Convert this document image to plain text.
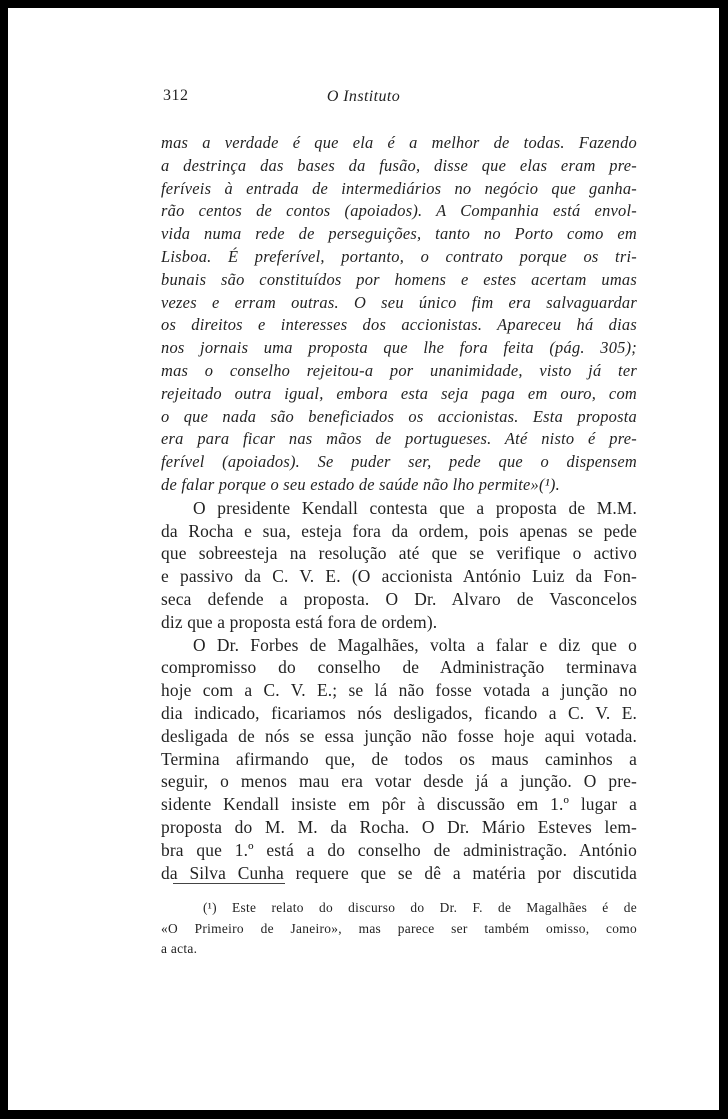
312	O Instituto
mas a verdade é que ela é a melhor de todas. Fazendo
a destrinça das bases da fusão, disse que elas eram pre-
feríveis à entrada de intermediários no negócio que ganha-
rão centos de contos (apoiados). A Companhia está envol-
vida numa rede de perseguições, tanto no Porto como em
Lisboa. É preferível, portanto, o contrato porque os tri-
bunais são constituídos por homens e estes acertam umas
vezes e erram outras. O seu único fim era salvaguardar
os direitos e interesses dos accionistas. Apareceu há dias
nos jornais uma proposta que lhe fora feita (pág. 305);
mas o conselho rejeitou-a por unanimidade, visto já ter
rejeitado outra igual, embora esta seja paga em ouro, com
o que nada são beneficiados os accionistas. Esta proposta
era para ficar nas mãos de portugueses. Até nisto é pre-
ferível (apoiados). Se puder ser, pede que o dispensem
de falar porque o seu estado de saúde não lho permite»(¹).
O presidente Kendall contesta que a proposta de M.M.
da Rocha e sua, esteja fora da ordem, pois apenas se pede
que sobreesteja na resolução até que se verifique o activo
e passivo da C. V. E. (O accionista António Luiz da Fon-
seca defende a proposta. O Dr. Alvaro de Vasconcelos
diz que a proposta está fora de ordem).
O Dr. Forbes de Magalhães, volta a falar e diz que o
compromisso do conselho de Administração terminava
hoje com a C. V. E.; se lá não fosse votada a junção no
dia indicado, ficariamos nós desligados, ficando a C. V. E.
desligada de nós se essa junção não fosse hoje aqui votada.
Termina afirmando que, de todos os maus caminhos a
seguir, o menos mau era votar desde já a junção. O pre-
sidente Kendall insiste em pôr à discussão em 1.º lugar a
proposta do M. M. da Rocha. O Dr. Mário Esteves lem-
bra que 1.º está a do conselho de administração. António
da Silva Cunha requere que se dê a matéria por discutida
(¹) Este relato do discurso do Dr. F. de Magalhães é de
«O Primeiro de Janeiro», mas parece ser também omisso, como
a acta.
